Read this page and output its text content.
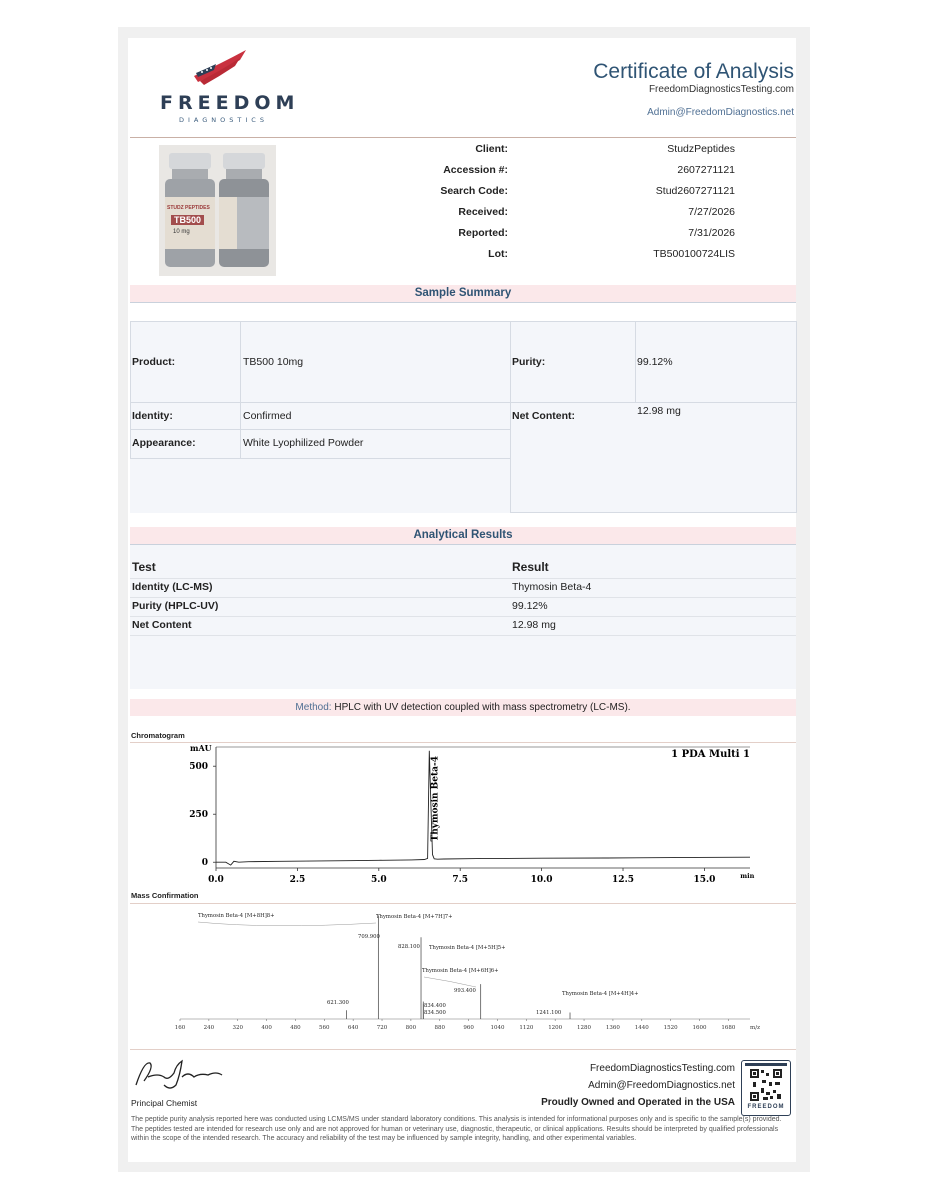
FREEDOM
DIAGNOSTICS
Certificate of Analysis
FreedomDiagnosticsTesting.com
Admin@FreedomDiagnostics.net
STUDZ PEPTIDES
TB500
10 mg
Client:	StudzPeptides
Accession #:	2607271121
Search Code:	Stud2607271121
Received:	7/27/2026
Reported:	7/31/2026
Lot:	TB500100724LIS
Sample Summary
Product:	TB500 10mg	Purity:	99.12%
Identity:	Confirmed	Net Content:	12.98 mg
Appearance:	White Lyophilized Powder
Analytical Results
Test	Result
Identity (LC-MS)	Thymosin Beta-4
Purity (HPLC-UV)	99.12%
Net Content	12.98 mg
Method: HPLC with UV detection coupled with mass spectrometry (LC-MS).
Chromatogram
mAU
1 PDA Multi 1
0
250
500
0.0	2.5	5.0	7.5	10.0	12.5	15.0	min
Thymosin Beta-4
Mass Confirmation
160	240	320	400	480	560	640	720	800	880	960	1040	1120	1200	1280	1360	1440	1520	1600	1680	m/z
Thymosin Beta-4 [M+8H]8+	Thymosin Beta-4 [M+7H]7+
709.900
828.100 Thymosin Beta-4 [M+5H]5+
Thymosin Beta-4 [M+6H]6+
993.400	Thymosin Beta-4 [M+4H]4+
621.300	834.400
834.500	1241.100
Principal Chemist
FreedomDiagnosticsTesting.com
Admin@FreedomDiagnostics.net
Proudly Owned and Operated in the USA	FREEDOM
The peptide purity analysis reported here was conducted using LCMS/MS under standard laboratory conditions. This analysis is intended for informational purposes only and is specific to the sample(s) provided. The peptides tested are intended for research use only and are not approved for human or veterinary use, diagnostic, therapeutic, or clinical applications. Results should be interpreted by qualified professionals within the scope of the intended research. The accuracy and reliability of the test may be influenced by sample integrity, handling, and other experimental variables.
